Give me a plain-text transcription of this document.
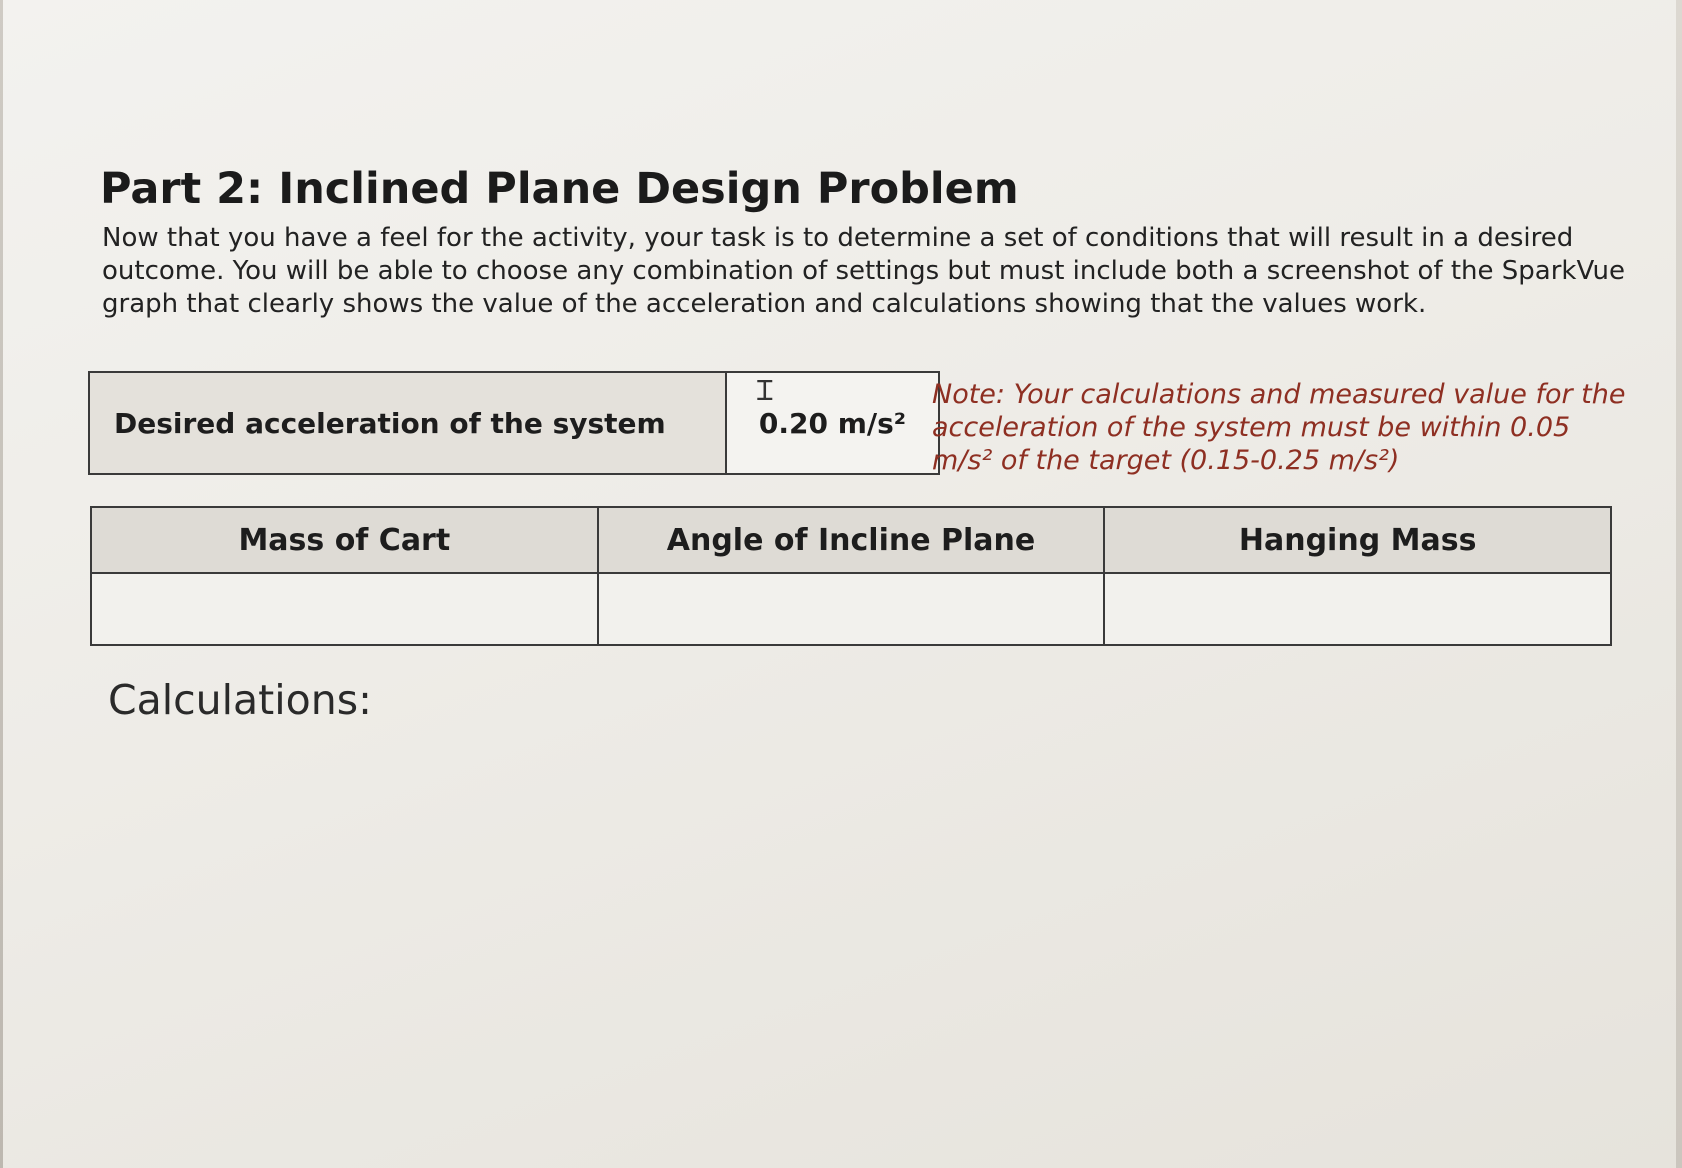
Part 2: Inclined Plane Design Problem

Now that you have a feel for the activity, your task is to determine a set of conditions that will result in a desired outcome. You will be able to choose any combination of settings but must include both a screenshot of the SparkVue graph that clearly shows the value of the acceleration and calculations showing that the values work.

Desired acceleration of the system	
Ɪ
0.20 m/s²

Note: Your calculations and measured value for the acceleration of the system must be within 0.05 m/s² of the target (0.15-0.25 m/s²)

Mass of Cart	Angle of Incline Plane	Hanging Mass

Calculations:
